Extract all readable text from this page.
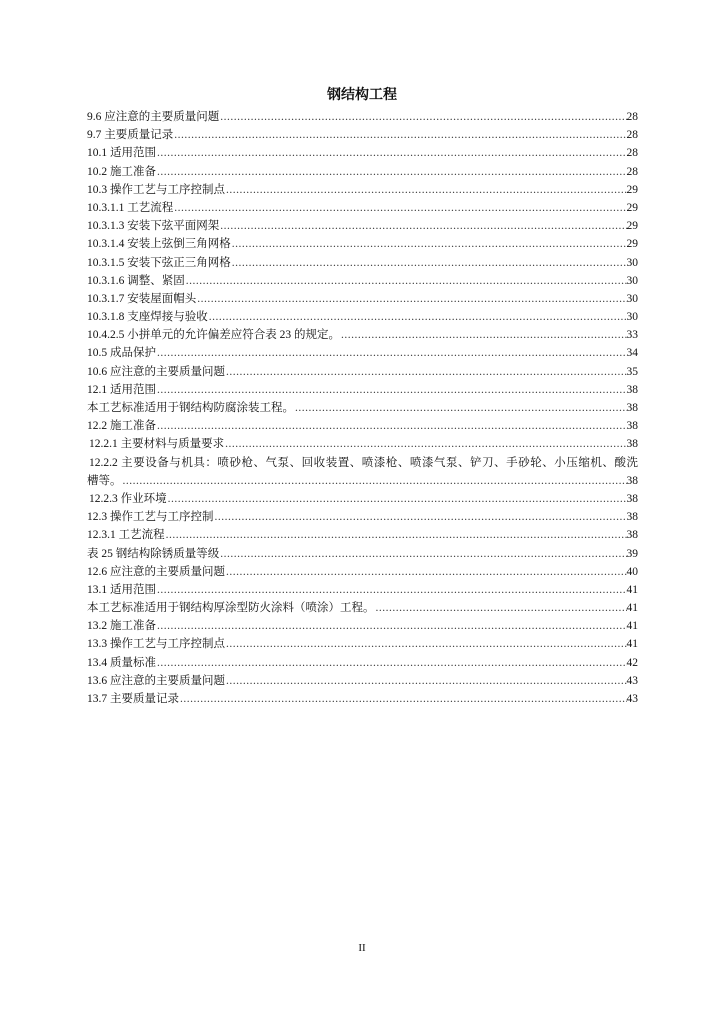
钢结构工程
9.6 应注意的主要质量问题 .....	28
9.7 主要质量记录 .....	28
10.1 适用范围 .....	28
10.2 施工准备 .....	28
10.3 操作工艺与工序控制点 .....	29
10.3.1.1 工艺流程 .....	29
10.3.1.3 安装下弦平面网架 .....	29
10.3.1.4 安装上弦倒三角网格 .....	29
10.3.1.5 安装下弦正三角网格 .....	30
10.3.1.6 调整、紧固 .....	30
10.3.1.7 安装屋面帽头 .....	30
10.3.1.8 支座焊接与验收 .....	30
10.4.2.5 小拼单元的允许偏差应符合表 23 的规定。 .....	33
10.5 成品保护 .....	34
10.6 应注意的主要质量问题 .....	35
12.1 适用范围 .....	38
本工艺标准适用于钢结构防腐涂装工程。 .....	38
12.2 施工准备 .....	38
12.2.1 主要材料与质量要求 .....	38
12.2.2 主要设备与机具：喷砂枪、气泵、回收装置、喷漆枪、喷漆气泵、铲刀、手砂轮、小压缩机、酸洗
槽等。 .....	38
12.2.3 作业环境 .....	38
12.3 操作工艺与工序控制 .....	38
12.3.1 工艺流程 .....	38
表 25 钢结构除锈质量等级 .....	39
12.6 应注意的主要质量问题 .....	40
13.1 适用范围 .....	41
本工艺标准适用于钢结构厚涂型防火涂料（喷涂）工程。 .....	41
13.2 施工准备 .....	41
13.3 操作工艺与工序控制点 .....	41
13.4 质量标准 .....	42
13.6 应注意的主要质量问题 .....	43
13.7 主要质量记录 .....	43
II
